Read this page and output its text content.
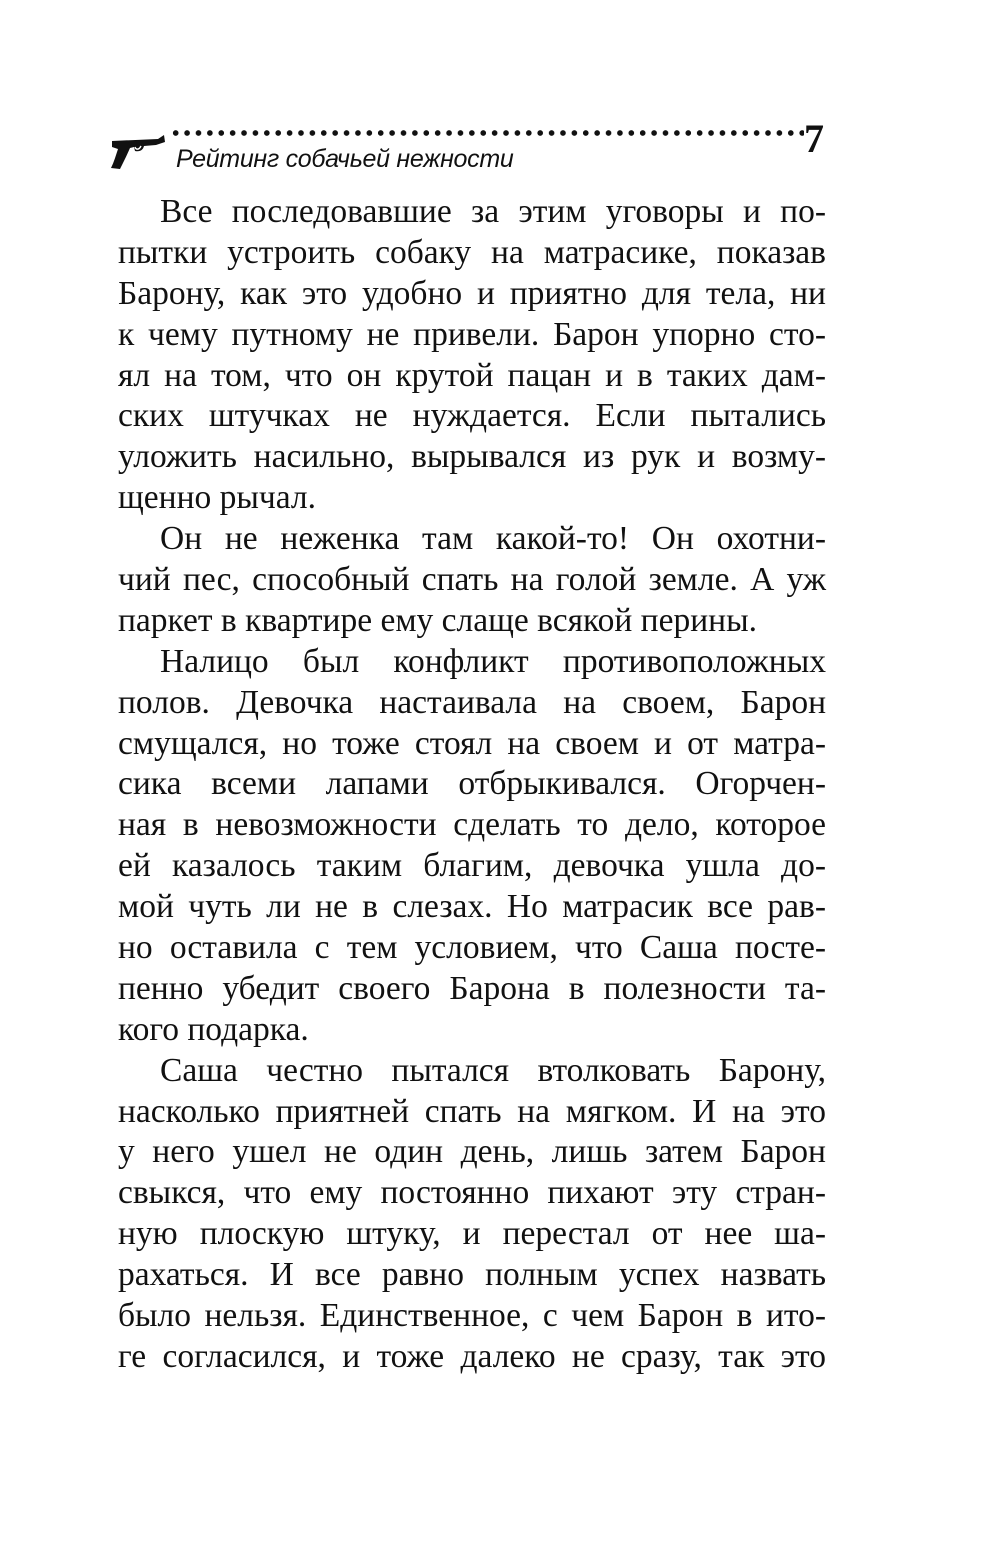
Рейтинг собачьей нежности	7

Все последовавшие за этим уговоры и по-
пытки устроить собаку на матрасике, показав
Барону, как это удобно и приятно для тела, ни
к чему путному не привели. Барон упорно сто-
ял на том, что он крутой пацан и в таких дам-
ских штучках не нуждается. Если пытались
уложить насильно, вырывался из рук и возму-
щенно рычал.

Он не неженка там какой-то! Он охотни-
чий пес, способный спать на голой земле. А уж
паркет в квартире ему слаще всякой перины.

Налицо был конфликт противоположных
полов. Девочка настаивала на своем, Барон
смущался, но тоже стоял на своем и от матра-
сика всеми лапами отбрыкивался. Огорчен-
ная в невозможности сделать то дело, которое
ей казалось таким благим, девочка ушла до-
мой чуть ли не в слезах. Но матрасик все рав-
но оставила с тем условием, что Саша посте-
пенно убедит своего Барона в полезности та-
кого подарка.

Саша честно пытался втолковать Барону,
насколько приятней спать на мягком. И на это
у него ушел не один день, лишь затем Барон
свыкся, что ему постоянно пихают эту стран-
ную плоскую штуку, и перестал от нее ша-
рахаться. И все равно полным успех назвать
было нельзя. Единственное, с чем Барон в ито-
ге согласился, и тоже далеко не сразу, так это
